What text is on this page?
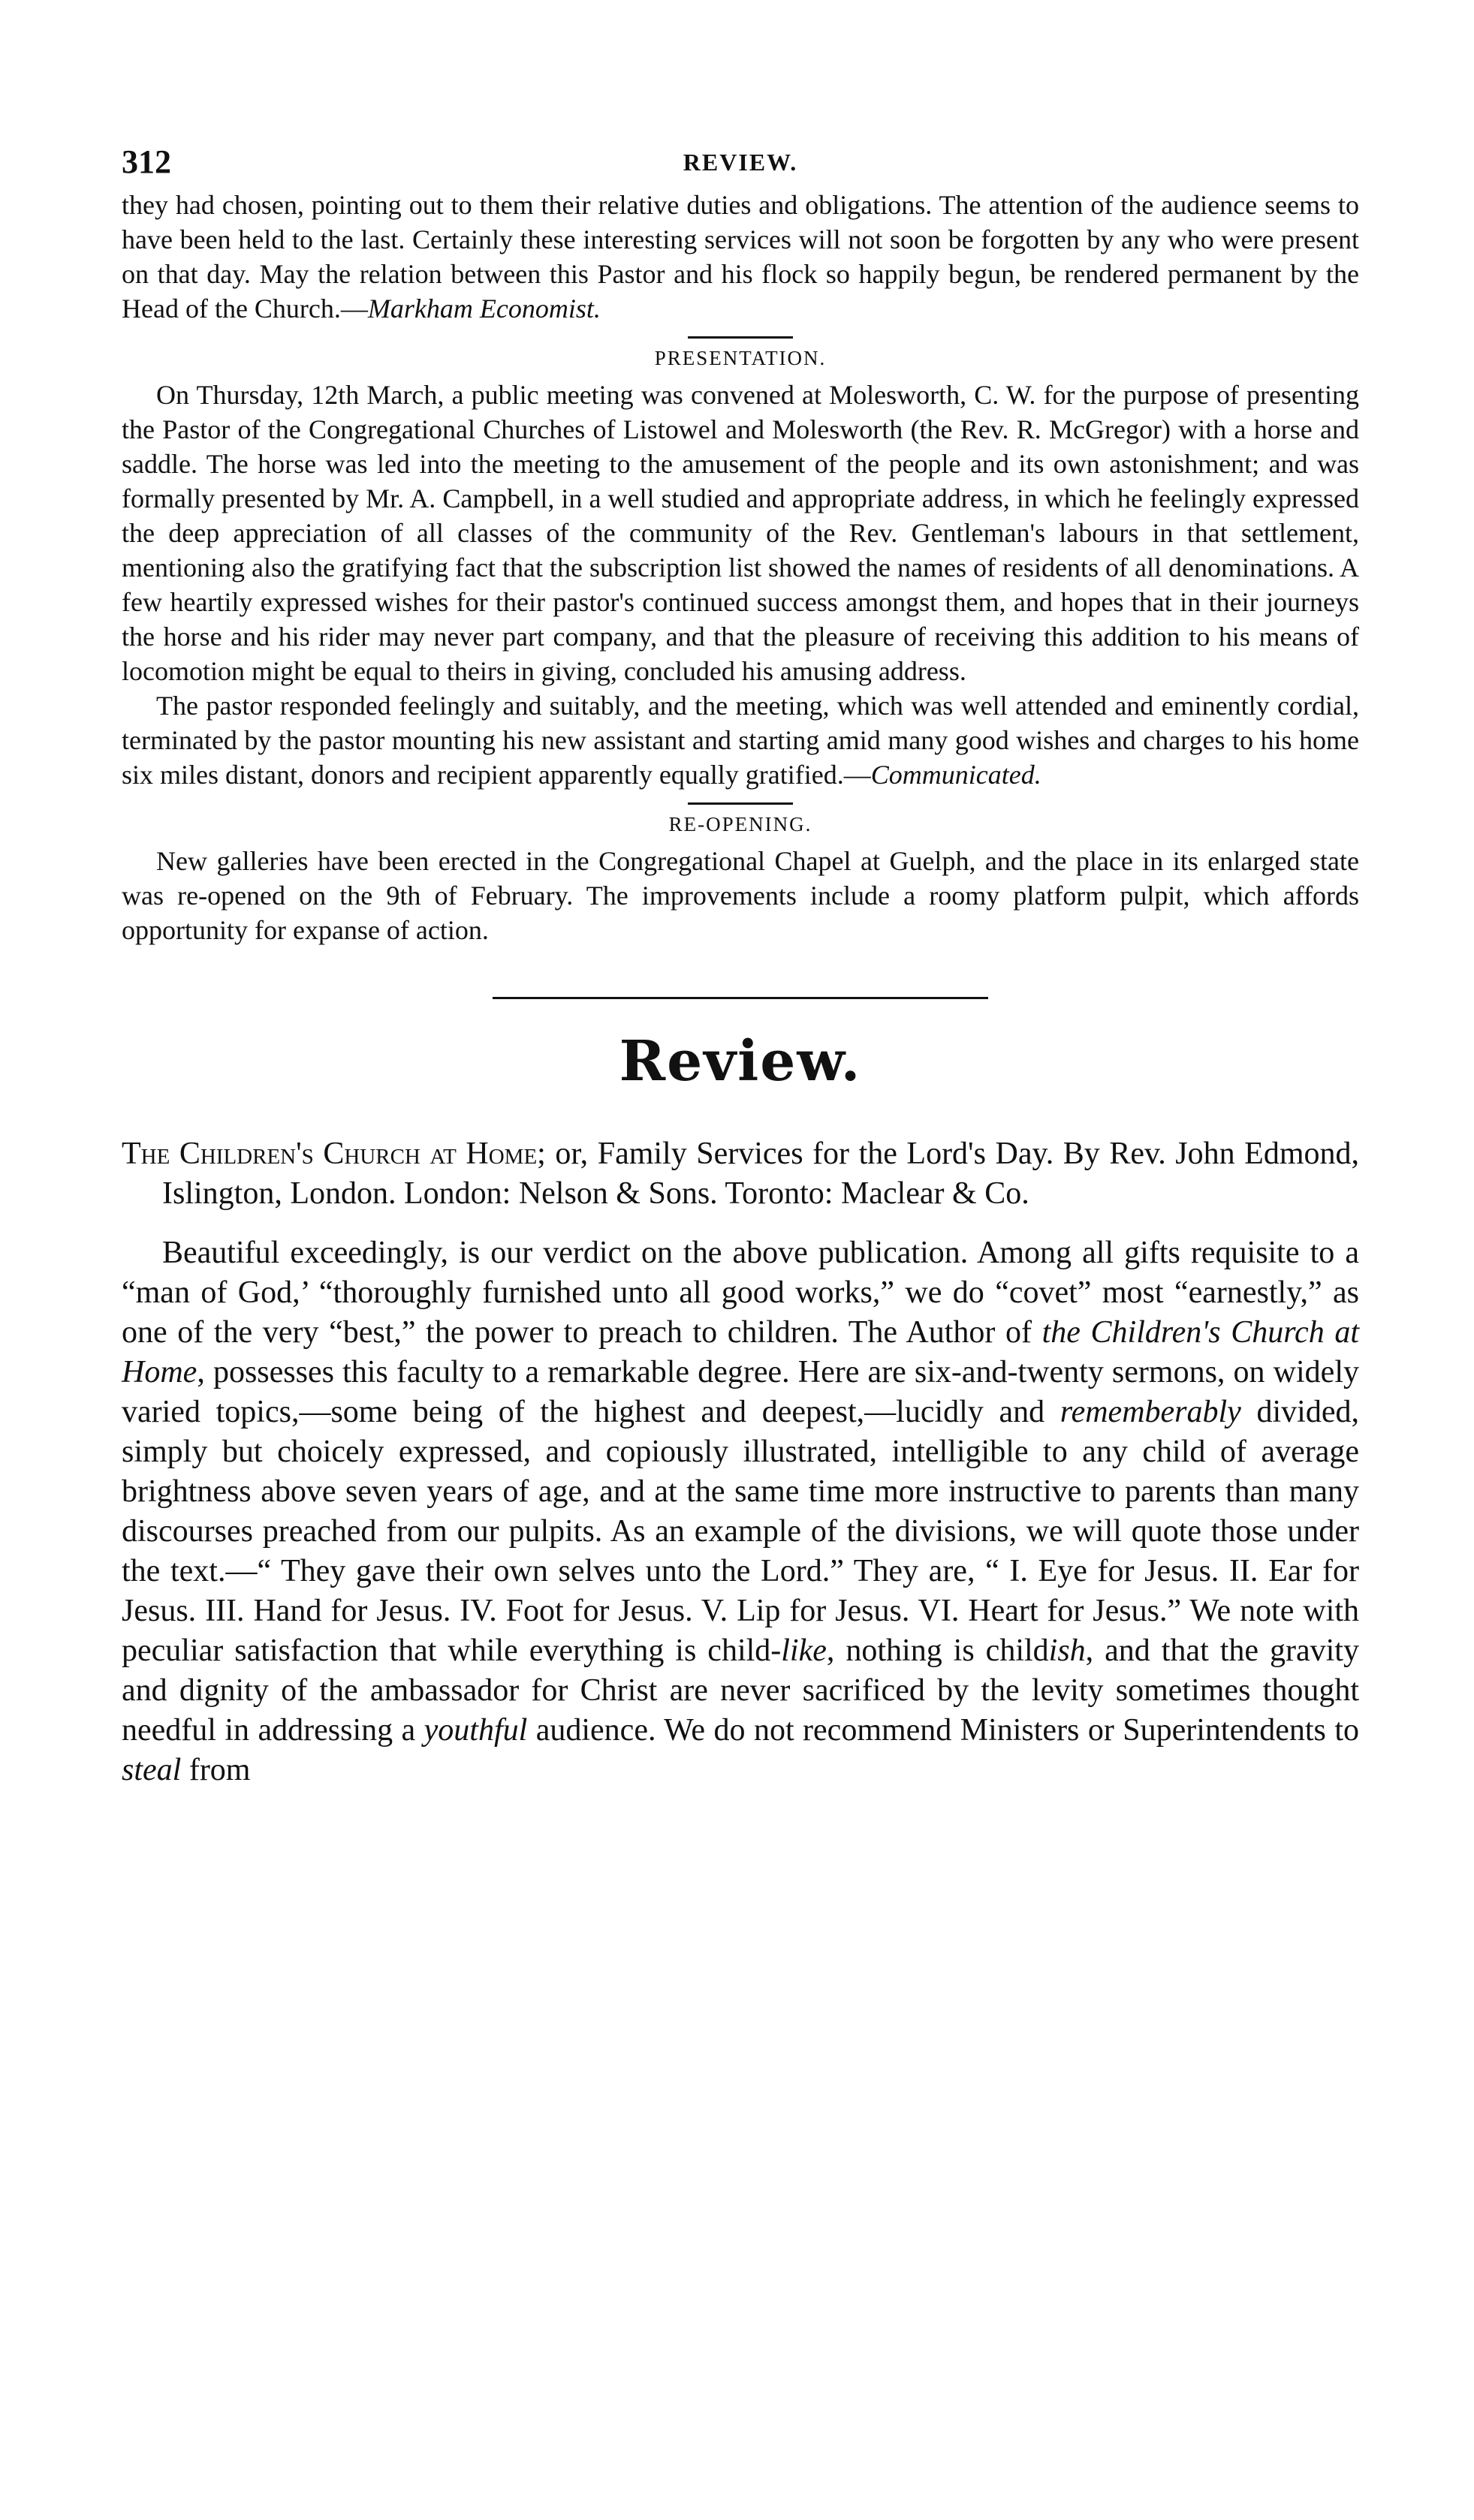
312	REVIEW.

they had chosen, pointing out to them their relative duties and obligations. The attention of the audience seems to have been held to the last. Certainly these interesting services will not soon be forgotten by any who were present on that day. May the relation between this Pastor and his flock so happily begun, be rendered permanent by the Head of the Church.—Markham Economist.

PRESENTATION.

On Thursday, 12th March, a public meeting was convened at Molesworth, C. W. for the purpose of presenting the Pastor of the Congregational Churches of Listowel and Molesworth (the Rev. R. McGregor) with a horse and saddle. The horse was led into the meeting to the amusement of the people and its own astonishment; and was formally presented by Mr. A. Campbell, in a well studied and appropriate address, in which he feelingly expressed the deep appreciation of all classes of the community of the Rev. Gentleman's labours in that settlement, mentioning also the gratifying fact that the subscription list showed the names of residents of all denominations. A few heartily expressed wishes for their pastor's continued success amongst them, and hopes that in their journeys the horse and his rider may never part company, and that the pleasure of receiving this addition to his means of locomotion might be equal to theirs in giving, concluded his amusing address.

The pastor responded feelingly and suitably, and the meeting, which was well attended and eminently cordial, terminated by the pastor mounting his new assistant and starting amid many good wishes and charges to his home six miles distant, donors and recipient apparently equally gratified.—Communicated.

RE-OPENING.

New galleries have been erected in the Congregational Chapel at Guelph, and the place in its enlarged state was re-opened on the 9th of February. The improvements include a roomy platform pulpit, which affords opportunity for expanse of action.

Review.

The Children's Church at Home; or, Family Services for the Lord's Day. By Rev. John Edmond, Islington, London. London: Nelson & Sons. Toronto: Maclear & Co.

Beautiful exceedingly, is our verdict on the above publication. Among all gifts requisite to a “man of God,’ “thoroughly furnished unto all good works,” we do “covet” most “earnestly,” as one of the very “best,” the power to preach to children. The Author of the Children's Church at Home, possesses this faculty to a remarkable degree. Here are six-and-twenty sermons, on widely varied topics,—some being of the highest and deepest,—lucidly and rememberably divided, simply but choicely expressed, and copiously illustrated, intelligible to any child of average brightness above seven years of age, and at the same time more instructive to parents than many discourses preached from our pulpits. As an example of the divisions, we will quote those under the text.—“ They gave their own selves unto the Lord.” They are, “ I. Eye for Jesus. II. Ear for Jesus. III. Hand for Jesus. IV. Foot for Jesus. V. Lip for Jesus. VI. Heart for Jesus.” We note with peculiar satisfaction that while everything is child-like, nothing is childish, and that the gravity and dignity of the ambassador for Christ are never sacrificed by the levity sometimes thought needful in addressing a youthful audience. We do not recommend Ministers or Superintendents to steal from
